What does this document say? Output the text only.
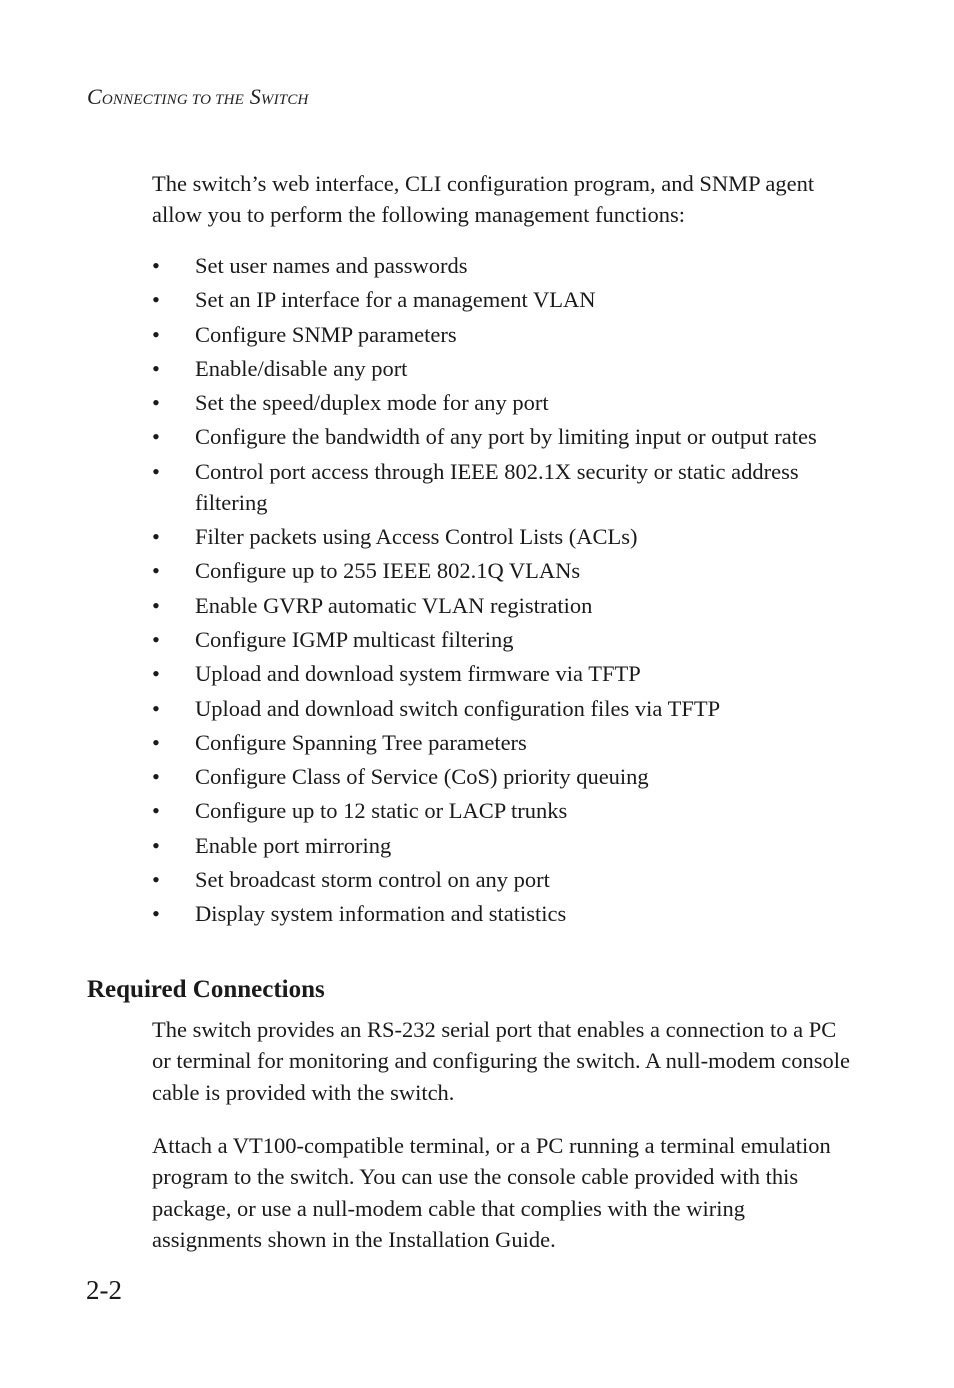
CONNECTING TO THE SWITCH

The switch’s web interface, CLI configuration program, and SNMP agent allow you to perform the following management functions:

• Set user names and passwords
• Set an IP interface for a management VLAN
• Configure SNMP parameters
• Enable/disable any port
• Set the speed/duplex mode for any port
• Configure the bandwidth of any port by limiting input or output rates
• Control port access through IEEE 802.1X security or static address filtering
• Filter packets using Access Control Lists (ACLs)
• Configure up to 255 IEEE 802.1Q VLANs
• Enable GVRP automatic VLAN registration
• Configure IGMP multicast filtering
• Upload and download system firmware via TFTP
• Upload and download switch configuration files via TFTP
• Configure Spanning Tree parameters
• Configure Class of Service (CoS) priority queuing
• Configure up to 12 static or LACP trunks
• Enable port mirroring
• Set broadcast storm control on any port
• Display system information and statistics
Required Connections

The switch provides an RS-232 serial port that enables a connection to a PC or terminal for monitoring and configuring the switch. A null-modem console cable is provided with the switch.

Attach a VT100-compatible terminal, or a PC running a terminal emulation program to the switch. You can use the console cable provided with this package, or use a null-modem cable that complies with the wiring assignments shown in the Installation Guide.

2-2
